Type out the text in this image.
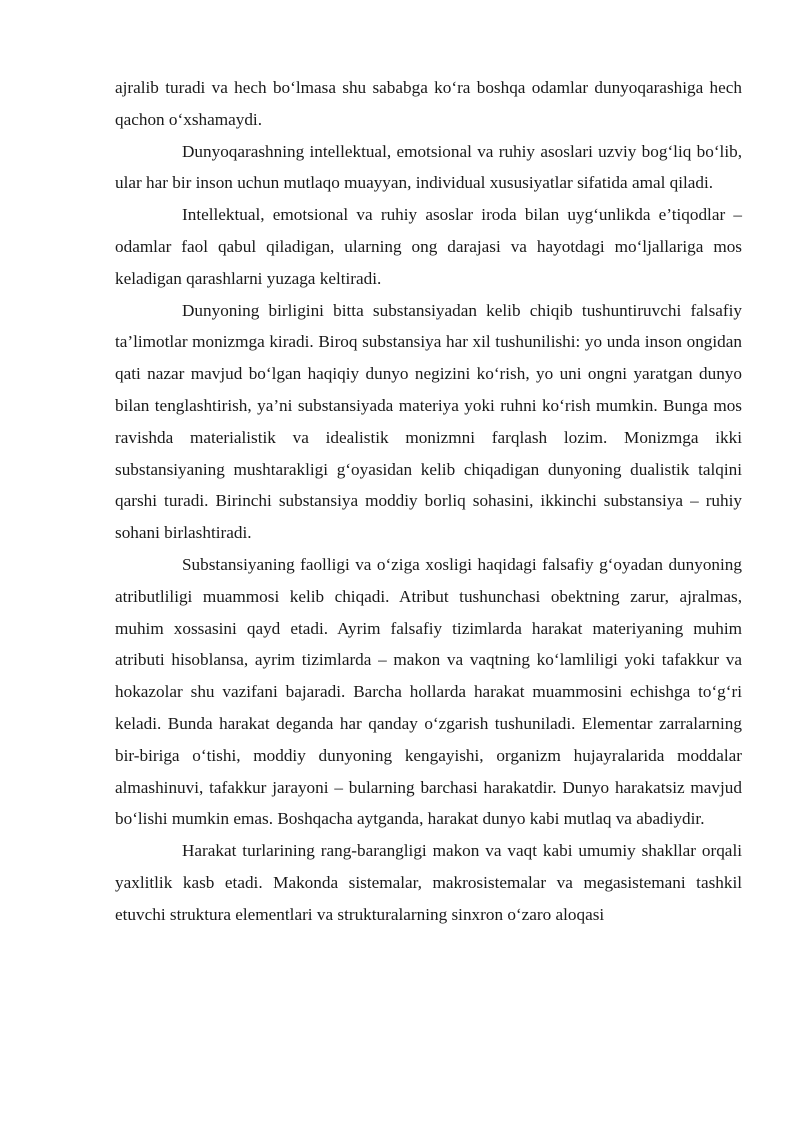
ajralib turadi va hech bo‘lmasa shu sababga ko‘ra boshqa odamlar dunyoqarashiga hech qachon o‘xshamaydi.

Dunyoqarashning intellektual, emotsional va ruhiy asoslari uzviy bog‘liq bo‘lib, ular har bir inson uchun mutlaqo muayyan, individual xususiyatlar sifatida amal qiladi.

Intellektual, emotsional va ruhiy asoslar iroda bilan uyg‘unlikda e’tiqodlar – odamlar faol qabul qiladigan, ularning ong darajasi va hayotdagi mo‘ljallariga mos keladigan qarashlarni yuzaga keltiradi.

Dunyoning birligini bitta substansiyadan kelib chiqib tushuntiruvchi falsafiy ta’limotlar monizmga kiradi. Biroq substansiya har xil tushunilishi: yo unda inson ongidan qati nazar mavjud bo‘lgan haqiqiy dunyo negizini ko‘rish, yo uni ongni yaratgan dunyo bilan tenglashtirish, ya’ni substansiyada materiya yoki ruhni ko‘rish mumkin. Bunga mos ravishda materialistik va idealistik monizmni farqlash lozim. Monizmga ikki substansiyaning mushtarakligi g‘oyasidan kelib chiqadigan dunyoning dualistik talqini qarshi turadi. Birinchi substansiya moddiy borliq sohasini, ikkinchi substansiya – ruhiy sohani birlashtiradi.

Substansiyaning faolligi va o‘ziga xosligi haqidagi falsafiy g‘oyadan dunyoning atributliligi muammosi kelib chiqadi. Atribut tushunchasi obektning zarur, ajralmas, muhim xossasini qayd etadi. Ayrim falsafiy tizimlarda harakat materiyaning muhim atributi hisoblansa, ayrim tizimlarda – makon va vaqtning ko‘lamliligi yoki tafakkur va hokazolar shu vazifani bajaradi. Barcha hollarda harakat muammosini echishga to‘g‘ri keladi. Bunda harakat deganda har qanday o‘zgarish tushuniladi. Elementar zarralarning bir-biriga o‘tishi, moddiy dunyoning kengayishi, organizm hujayralarida moddalar almashinuvi, tafakkur jarayoni – bularning barchasi harakatdir. Dunyo harakatsiz mavjud bo‘lishi mumkin emas. Boshqacha aytganda, harakat dunyo kabi mutlaq va abadiydir.

Harakat turlarining rang-barangligi makon va vaqt kabi umumiy shakllar orqali yaxlitlik kasb etadi. Makonda sistemalar, makrosistemalar va megasistemani tashkil etuvchi struktura elementlari va strukturalarning sinxron o‘zaro aloqasi
